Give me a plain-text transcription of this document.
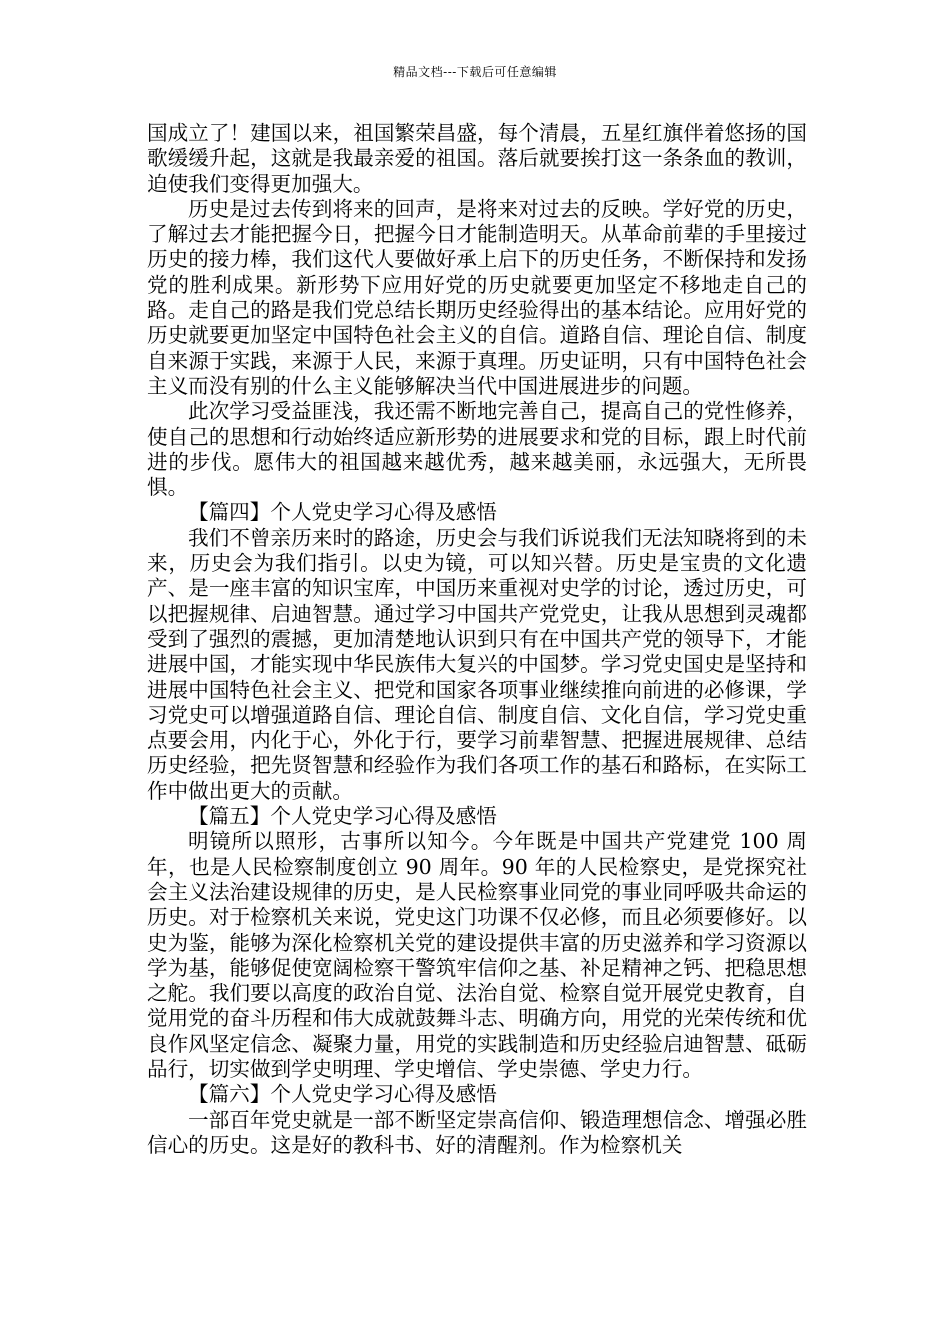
精品文档---下载后可任意编辑

国成立了！建国以来，祖国繁荣昌盛，每个清晨，五星红旗伴着悠扬的国歌缓缓升起，这就是我最亲爱的祖国。落后就要挨打这一条条血的教训，迫使我们变得更加强大。

历史是过去传到将来的回声，是将来对过去的反映。学好党的历史，了解过去才能把握今日，把握今日才能制造明天。从革命前辈的手里接过历史的接力棒，我们这代人要做好承上启下的历史任务，不断保持和发扬党的胜利成果。新形势下应用好党的历史就要更加坚定不移地走自己的路。走自己的路是我们党总结长期历史经验得出的基本结论。应用好党的历史就要更加坚定中国特色社会主义的自信。道路自信、理论自信、制度自来源于实践，来源于人民，来源于真理。历史证明，只有中国特色社会主义而没有别的什么主义能够解决当代中国进展进步的问题。

此次学习受益匪浅，我还需不断地完善自己，提高自己的党性修养，使自己的思想和行动始终适应新形势的进展要求和党的目标，跟上时代前进的步伐。愿伟大的祖国越来越优秀，越来越美丽，永远强大，无所畏惧。

【篇四】个人党史学习心得及感悟

我们不曾亲历来时的路途，历史会与我们诉说我们无法知晓将到的未来，历史会为我们指引。以史为镜，可以知兴替。历史是宝贵的文化遗产、是一座丰富的知识宝库，中国历来重视对史学的讨论，透过历史，可以把握规律、启迪智慧。通过学习中国共产党党史，让我从思想到灵魂都受到了强烈的震撼，更加清楚地认识到只有在中国共产党的领导下，才能进展中国，才能实现中华民族伟大复兴的中国梦。学习党史国史是坚持和进展中国特色社会主义、把党和国家各项事业继续推向前进的必修课，学习党史可以增强道路自信、理论自信、制度自信、文化自信，学习党史重点要会用，内化于心，外化于行，要学习前辈智慧、把握进展规律、总结历史经验，把先贤智慧和经验作为我们各项工作的基石和路标，在实际工作中做出更大的贡献。

【篇五】个人党史学习心得及感悟

明镜所以照形，古事所以知今。今年既是中国共产党建党 100 周年，也是人民检察制度创立 90 周年。90 年的人民检察史，是党探究社会主义法治建设规律的历史，是人民检察事业同党的事业同呼吸共命运的历史。对于检察机关来说，党史这门功课不仅必修，而且必须要修好。以史为鉴，能够为深化检察机关党的建设提供丰富的历史滋养和学习资源以学为基，能够促使宽阔检察干警筑牢信仰之基、补足精神之钙、把稳思想之舵。我们要以高度的政治自觉、法治自觉、检察自觉开展党史教育，自觉用党的奋斗历程和伟大成就鼓舞斗志、明确方向，用党的光荣传统和优良作风坚定信念、凝聚力量，用党的实践制造和历史经验启迪智慧、砥砺品行，切实做到学史明理、学史增信、学史崇德、学史力行。

【篇六】个人党史学习心得及感悟

一部百年党史就是一部不断坚定崇高信仰、锻造理想信念、增强必胜信心的历史。这是好的教科书、好的清醒剂。作为检察机关
